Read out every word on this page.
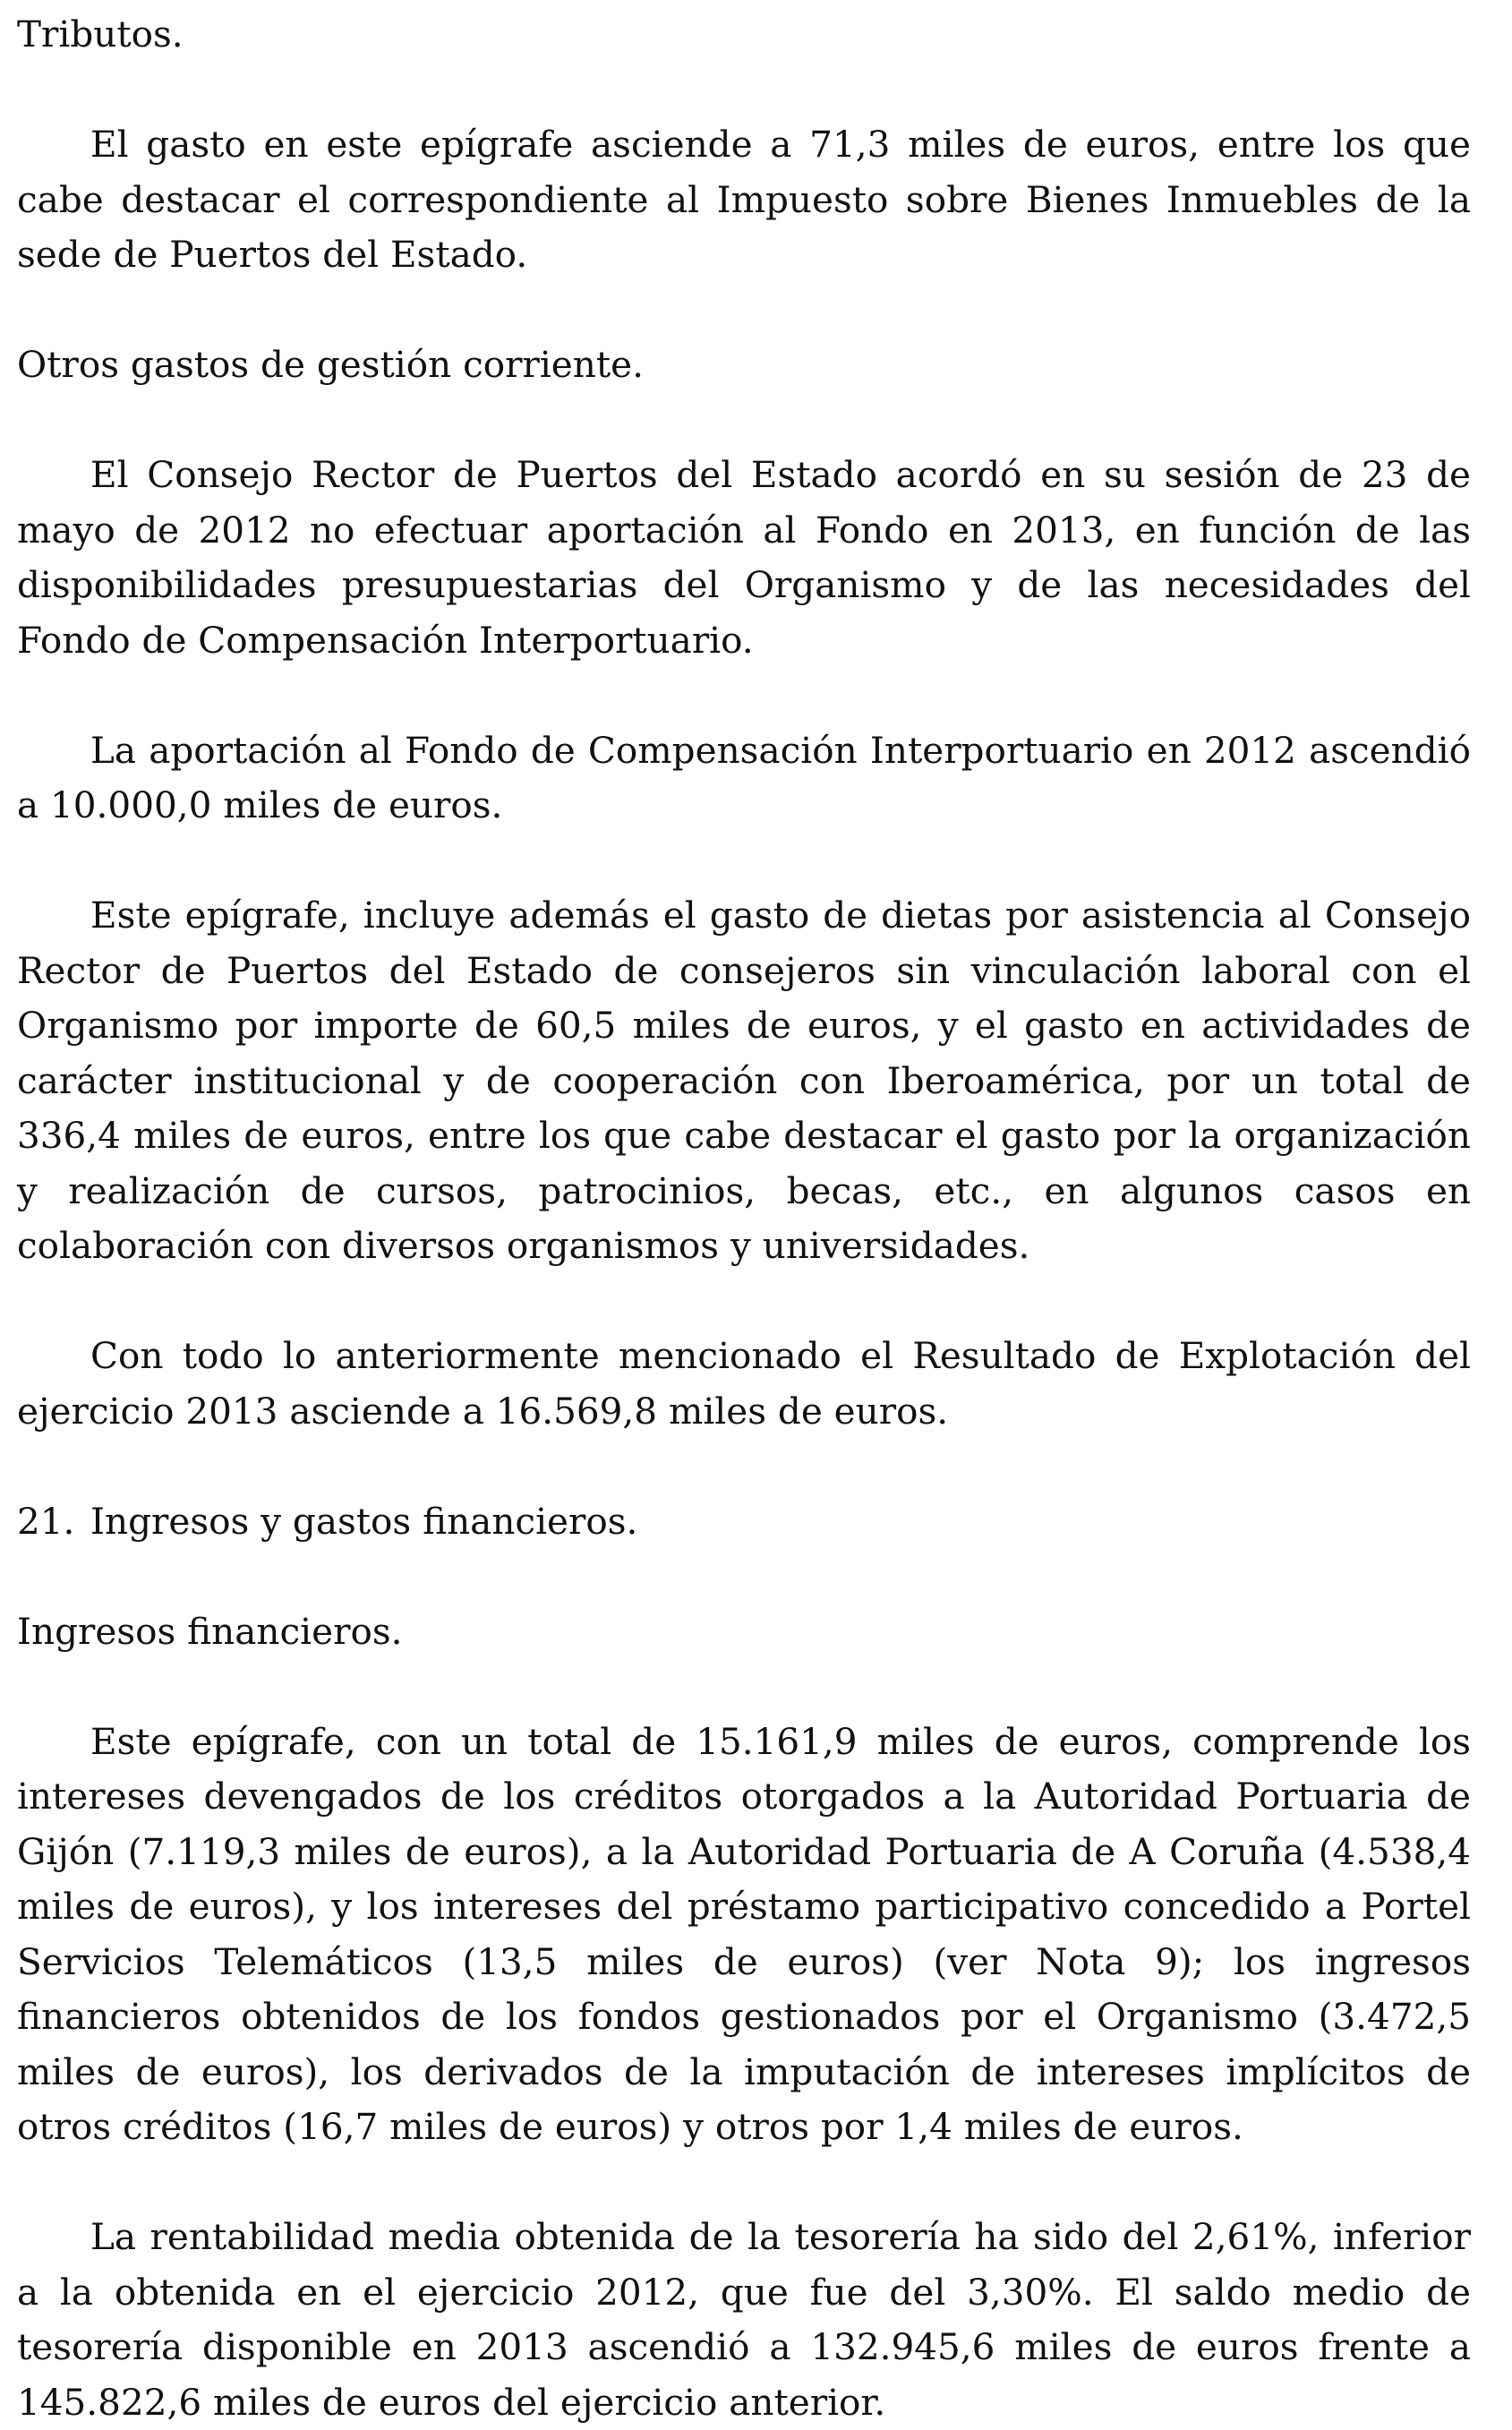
Tributos.

El gasto en este epígrafe asciende a 71,3 miles de euros, entre los que cabe destacar el correspondiente al Impuesto sobre Bienes Inmuebles de la sede de Puertos del Estado.

Otros gastos de gestión corriente.

El Consejo Rector de Puertos del Estado acordó en su sesión de 23 de mayo de 2012 no efectuar aportación al Fondo en 2013, en función de las disponibilidades presupuestarias del Organismo y de las necesidades del Fondo de Compensación Interportuario.

La aportación al Fondo de Compensación Interportuario en 2012 ascendió a 10.000,0 miles de euros.

Este epígrafe, incluye además el gasto de dietas por asistencia al Consejo Rector de Puertos del Estado de consejeros sin vinculación laboral con el Organismo por importe de 60,5 miles de euros, y el gasto en actividades de carácter institucional y de cooperación con Iberoamérica, por un total de 336,4 miles de euros, entre los que cabe destacar el gasto por la organización y realización de cursos, patrocinios, becas, etc., en algunos casos en colaboración con diversos organismos y universidades.

Con todo lo anteriormente mencionado el Resultado de Explotación del ejercicio 2013 asciende a 16.569,8 miles de euros.

21. Ingresos y gastos financieros.

Ingresos financieros.

Este epígrafe, con un total de 15.161,9 miles de euros, comprende los intereses devengados de los créditos otorgados a la Autoridad Portuaria de Gijón (7.119,3 miles de euros), a la Autoridad Portuaria de A Coruña (4.538,4 miles de euros), y los intereses del préstamo participativo concedido a Portel Servicios Telemáticos (13,5 miles de euros) (ver Nota 9); los ingresos financieros obtenidos de los fondos gestionados por el Organismo (3.472,5 miles de euros), los derivados de la imputación de intereses implícitos de otros créditos (16,7 miles de euros) y otros por 1,4 miles de euros.

La rentabilidad media obtenida de la tesorería ha sido del 2,61%, inferior a la obtenida en el ejercicio 2012, que fue del 3,30%. El saldo medio de tesorería disponible en 2013 ascendió a 132.945,6 miles de euros frente a 145.822,6 miles de euros del ejercicio anterior.
